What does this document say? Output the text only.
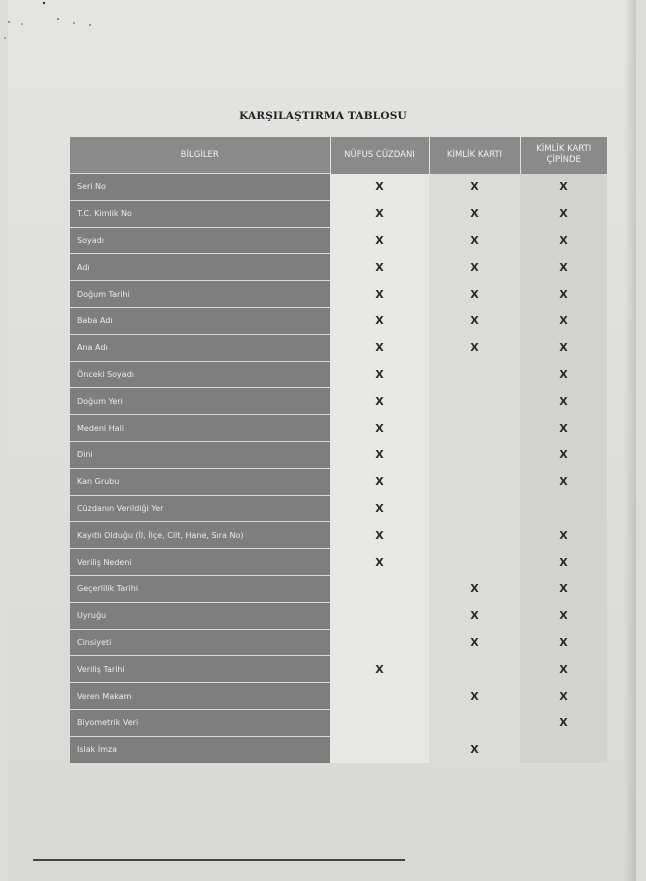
KARŞILAŞTIRMA TABLOSU
BİLGİLER	NÜFUS CÜZDANI	KİMLİK KARTI	KİMLİK KARTI ÇİPİNDE
Seri No	X	X	X
T.C. Kimlik No	X	X	X
Soyadı	X	X	X
Adı	X	X	X
Doğum Tarihi	X	X	X
Baba Adı	X	X	X
Ana Adı	X	X	X
Önceki Soyadı	X		X
Doğum Yeri	X		X
Medeni Hali	X		X
Dini	X		X
Kan Grubu	X		X
Cüzdanın Verildiği Yer	X		
Kayıtlı Olduğu (İl, İlçe, Cilt, Hane, Sıra No)	X		X
Veriliş Nedeni	X		X
Geçerlilik Tarihi		X	X
Uyruğu		X	X
Cinsiyeti		X	X
Veriliş Tarihi	X		X
Veren Makam		X	X
Biyometrik Veri			X
Islak İmza		X	
